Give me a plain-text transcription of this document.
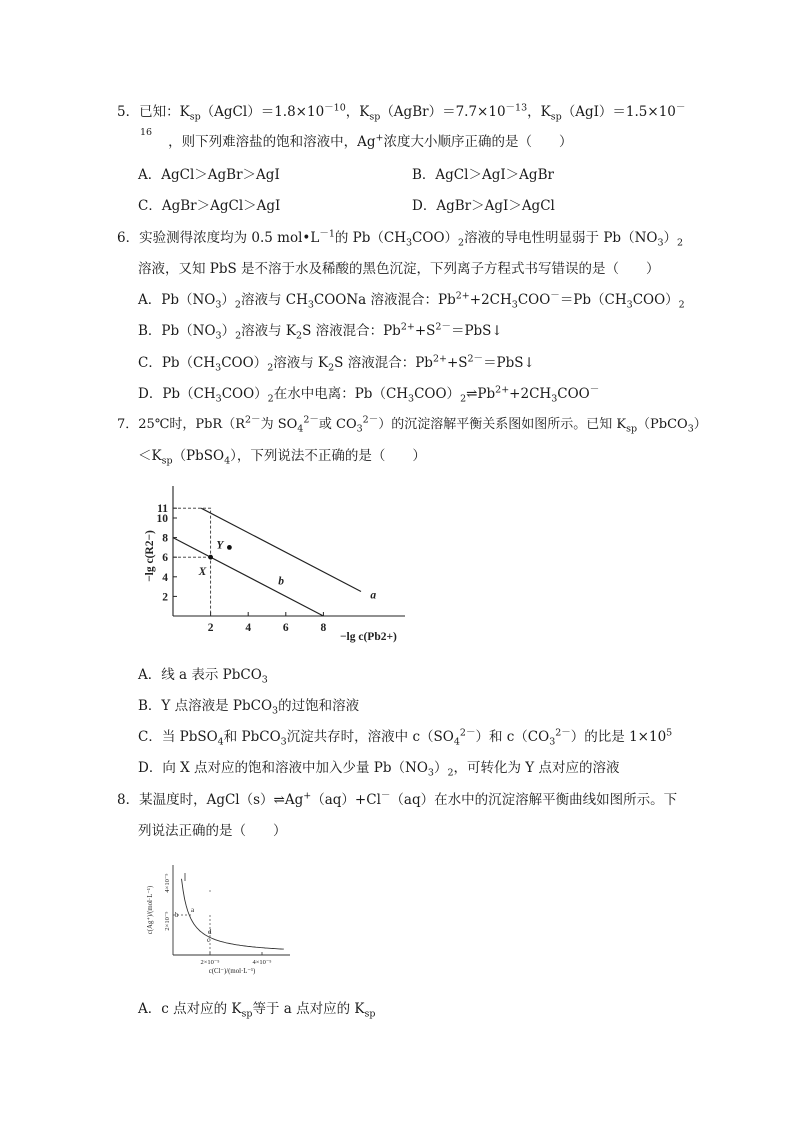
5．已知：$K_{sp}(AgCl)=1.8\times 10^{-10}$，$K_{sp}(AgBr)=7.7\times 10^{-13}$，$K_{sp}(AgI)=1.5\times 10^-$
$^{16}$，则下列难溶盐的饱和溶液中，Ag+浓度大小顺序正确的是（　　）
A．AgCl＞AgBr＞AgI	B．AgCl＞AgI＞AgBr
C．AgBr＞AgCl＞AgI	D．AgBr＞AgI＞AgCl
6．实验测得浓度均为 0.5 $mol•L^{-1}$的 $Pb(CH_3COO)_2$溶液的导电性明显弱于 $Pb(NO_3)_2$
溶液，又知 PbS 是不溶于水及稀酸的黑色沉淀，下列离子方程式书写错误的是（　　）
A．$Pb(NO_3)_2$溶液与 $CH_3COONa$ 溶液混合：$Pb^{2+}+2CH_3COO^-=Pb(CH_3COO)_2$
B．$Pb(NO_3)_2$溶液与 $K_2S$ 溶液混合：$Pb^{2+}+S^{2-}=PbS↓$
C．$Pb(CH_3COO)_2$溶液与 $K_2S$ 溶液混合：$Pb^{2+}+S^{2-}=PbS↓$
D．$Pb(CH_3COO)_2$在水中电离：$Pb(CH_3COO)_2\rightleftharpoons Pb^{2+}+2CH_3COO^-$
7．25℃时，$PbR(R^{2-}$为 $SO_4^{2-}$或 $CO_3^{2-}$）的沉淀溶解平衡关系图如图所示。已知 $K_{sp}(PbCO_3)$
$<K_{sp}(PbSO_4)$，下列说法不正确的是（　　）
2	4	6	8
2
4
6
8
10
11
a
b
X
Y
−lg c(R2−)
−lg c(Pb2+)
A．线 a 表示 PbCO$_3$
B．Y 点溶液是 PbCO$_3$的过饱和溶液
C．当 PbSO$_4$和 PbCO$_3$沉淀共存时，溶液中 $c(SO_4^{2-})$和 $c(CO_3^{2-})$的比是 $1\times 10^5$
D．向 X 点对应的饱和溶液中加入少量 $Pb(NO_3)_2$，可转化为 Y 点对应的溶液
8．某温度时，AgCl（s）⇌Ag+（aq）+Cl－（aq）在水中的沉淀溶解平衡曲线如图所示。下
列说法正确的是（　　）
2×10⁻⁵	4×10⁻⁵
2×10⁻⁵
4×10⁻⁵
c(Ag⁺)/(mol·L⁻¹)
c(Cl⁻)/(mol·L⁻¹)
a
b
c
d
A．c 点对应的 $K_{sp}$等于 a 点对应的 $K_{sp}$
